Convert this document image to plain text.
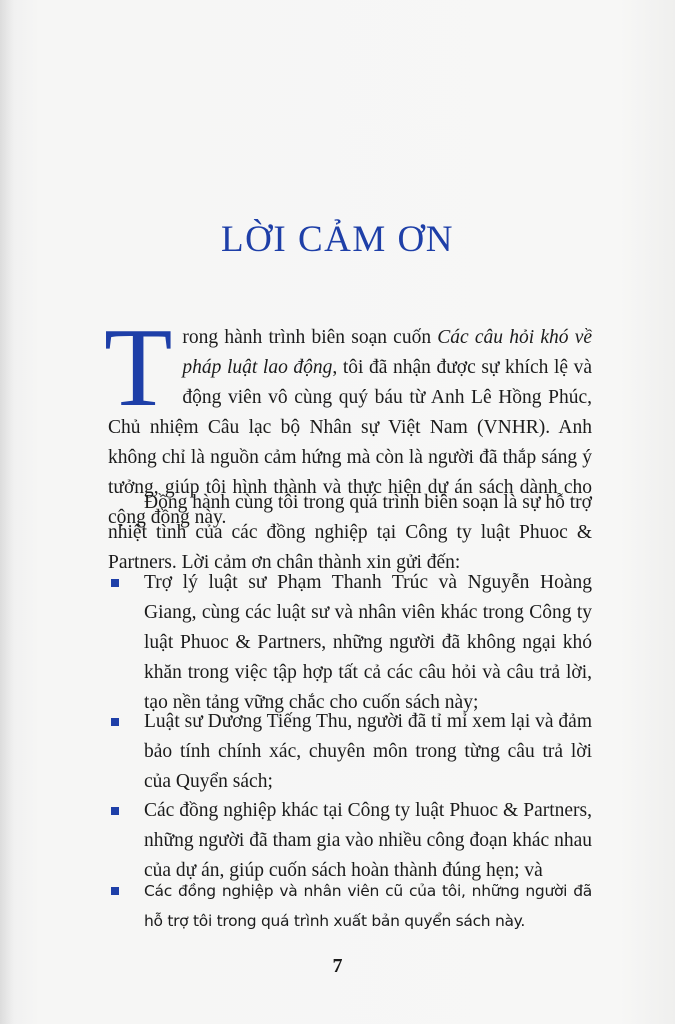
LỜI CẢM ƠN
Trong hành trình biên soạn cuốn Các câu hỏi khó về pháp luật lao động, tôi đã nhận được sự khích lệ và động viên vô cùng quý báu từ Anh Lê Hồng Phúc, Chủ nhiệm Câu lạc bộ Nhân sự Việt Nam (VNHR). Anh không chỉ là nguồn cảm hứng mà còn là người đã thắp sáng ý tưởng, giúp tôi hình thành và thực hiện dự án sách dành cho cộng đồng này.
Đồng hành cùng tôi trong quá trình biên soạn là sự hỗ trợ nhiệt tình của các đồng nghiệp tại Công ty luật Phuoc & Partners. Lời cảm ơn chân thành xin gửi đến:
Trợ lý luật sư Phạm Thanh Trúc và Nguyễn Hoàng Giang, cùng các luật sư và nhân viên khác trong Công ty luật Phuoc & Partners, những người đã không ngại khó khăn trong việc tập hợp tất cả các câu hỏi và câu trả lời, tạo nền tảng vững chắc cho cuốn sách này;
Luật sư Dương Tiếng Thu, người đã tỉ mỉ xem lại và đảm bảo tính chính xác, chuyên môn trong từng câu trả lời của Quyển sách;
Các đồng nghiệp khác tại Công ty luật Phuoc & Partners, những người đã tham gia vào nhiều công đoạn khác nhau của dự án, giúp cuốn sách hoàn thành đúng hẹn; và
Các đồng nghiệp và nhân viên cũ của tôi, những người đã hỗ trợ tôi trong quá trình xuất bản quyển sách này.
7
